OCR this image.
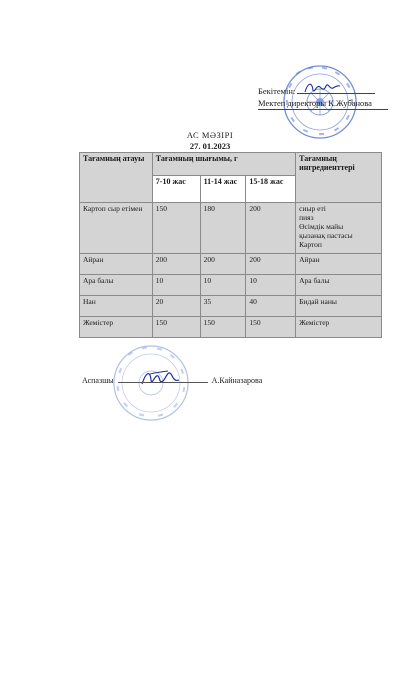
Бекітемін:
Мектеп директоры К.Жубанова
АС МӘЗІРІ
27. 01.2023
Тағамның атауы	Тағамның шығымы, г			Тағамның ингредиенттері
	7-10 жас	11-14 жас	15-18 жас	
Картоп сыр етімен	150	180	200	сиыр еті
пияз
Өсімдік майы
қызанақ пастасы
Картоп

Айран	200	200	200	Айран

Ара балы	10	10	10	Ара балы

Нан	20	35	40	Бидай наны

Жемістер	150	150	150	Жемістер
Аспазшы	А.Кайназарова
